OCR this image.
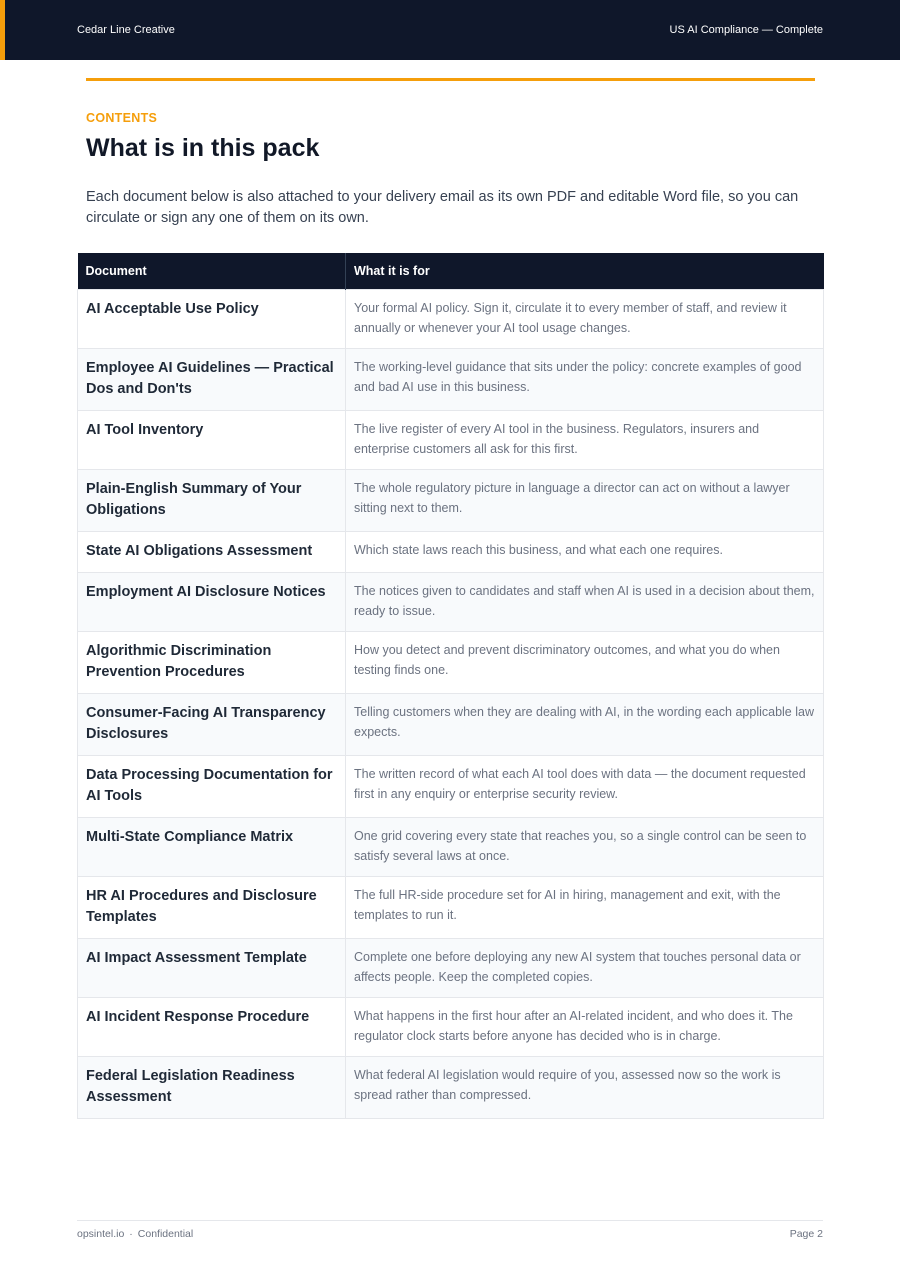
Cedar Line Creative	US AI Compliance — Complete
CONTENTS
What is in this pack

Each document below is also attached to your delivery email as its own PDF and editable Word file, so you can circulate or sign any one of them on its own.

Document	What it is for

AI Acceptable Use Policy	Your formal AI policy. Sign it, circulate it to every member of staff, and review it annually or whenever your AI tool usage changes.

Employee AI Guidelines — Practical Dos and Don'ts	The working-level guidance that sits under the policy: concrete examples of good and bad AI use in this business.

AI Tool Inventory	The live register of every AI tool in the business. Regulators, insurers and enterprise customers all ask for this first.

Plain-English Summary of Your Obligations	The whole regulatory picture in language a director can act on without a lawyer sitting next to them.

State AI Obligations Assessment	Which state laws reach this business, and what each one requires.

Employment AI Disclosure Notices	The notices given to candidates and staff when AI is used in a decision about them, ready to issue.

Algorithmic Discrimination Prevention Procedures	How you detect and prevent discriminatory outcomes, and what you do when testing finds one.

Consumer-Facing AI Transparency Disclosures	Telling customers when they are dealing with AI, in the wording each applicable law expects.

Data Processing Documentation for AI Tools	The written record of what each AI tool does with data — the document requested first in any enquiry or enterprise security review.

Multi-State Compliance Matrix	One grid covering every state that reaches you, so a single control can be seen to satisfy several laws at once.

HR AI Procedures and Disclosure Templates	The full HR-side procedure set for AI in hiring, management and exit, with the templates to run it.

AI Impact Assessment Template	Complete one before deploying any new AI system that touches personal data or affects people. Keep the completed copies.

AI Incident Response Procedure	What happens in the first hour after an AI-related incident, and who does it. The regulator clock starts before anyone has decided who is in charge.

Federal Legislation Readiness Assessment	What federal AI legislation would require of you, assessed now so the work is spread rather than compressed.
opsintel.io · Confidential	Page 2
